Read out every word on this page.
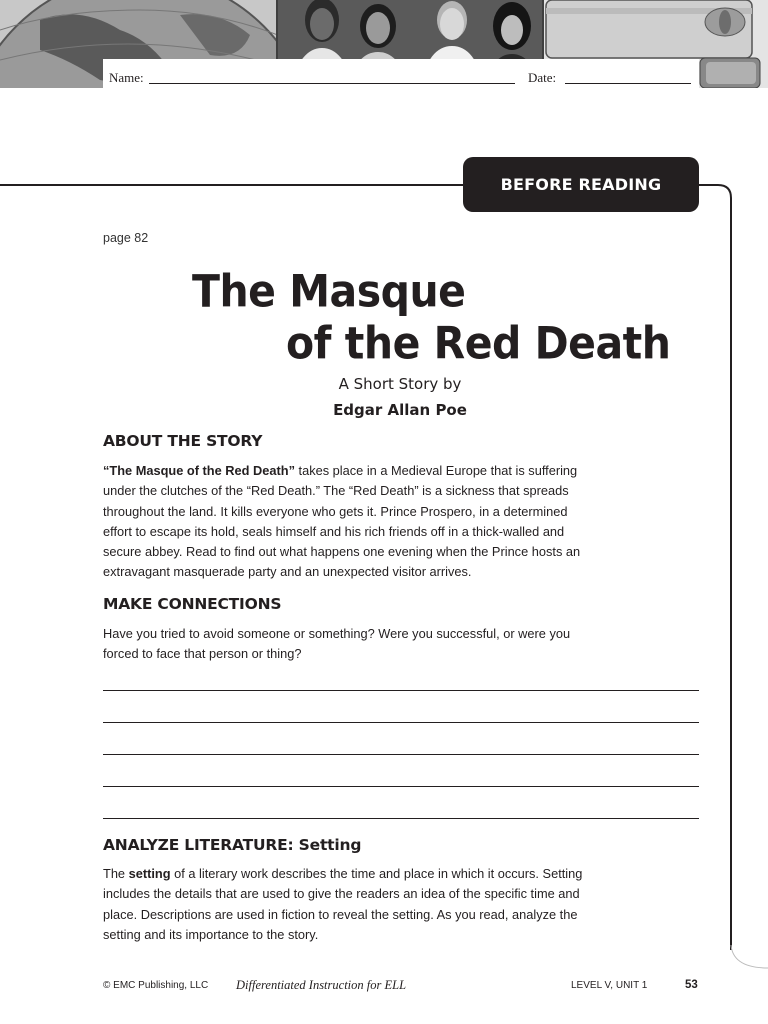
Name:	Date:
BEFORE READING
page 82
The Masque
of the Red Death
A Short Story by
Edgar Allan Poe
ABOUT THE STORY

“The Masque of the Red Death” takes place in a Medieval Europe that is suffering under the clutches of the “Red Death.” The “Red Death” is a sickness that spreads throughout the land. It kills everyone who gets it. Prince Prospero, in a determined effort to escape its hold, seals himself and his rich friends off in a thick-walled and secure abbey. Read to find out what happens one evening when the Prince hosts an extravagant masquerade party and an unexpected visitor arrives.

MAKE CONNECTIONS

Have you tried to avoid someone or something? Were you successful, or were you forced to face that person or thing?

ANALYZE LITERATURE: Setting

The setting of a literary work describes the time and place in which it occurs. Setting includes the details that are used to give the readers an idea of the specific time and place. Descriptions are used in fiction to reveal the setting. As you read, analyze the setting and its importance to the story.

© EMC Publishing, LLC Differentiated Instruction for ELL	LEVEL V, UNIT 1	53
